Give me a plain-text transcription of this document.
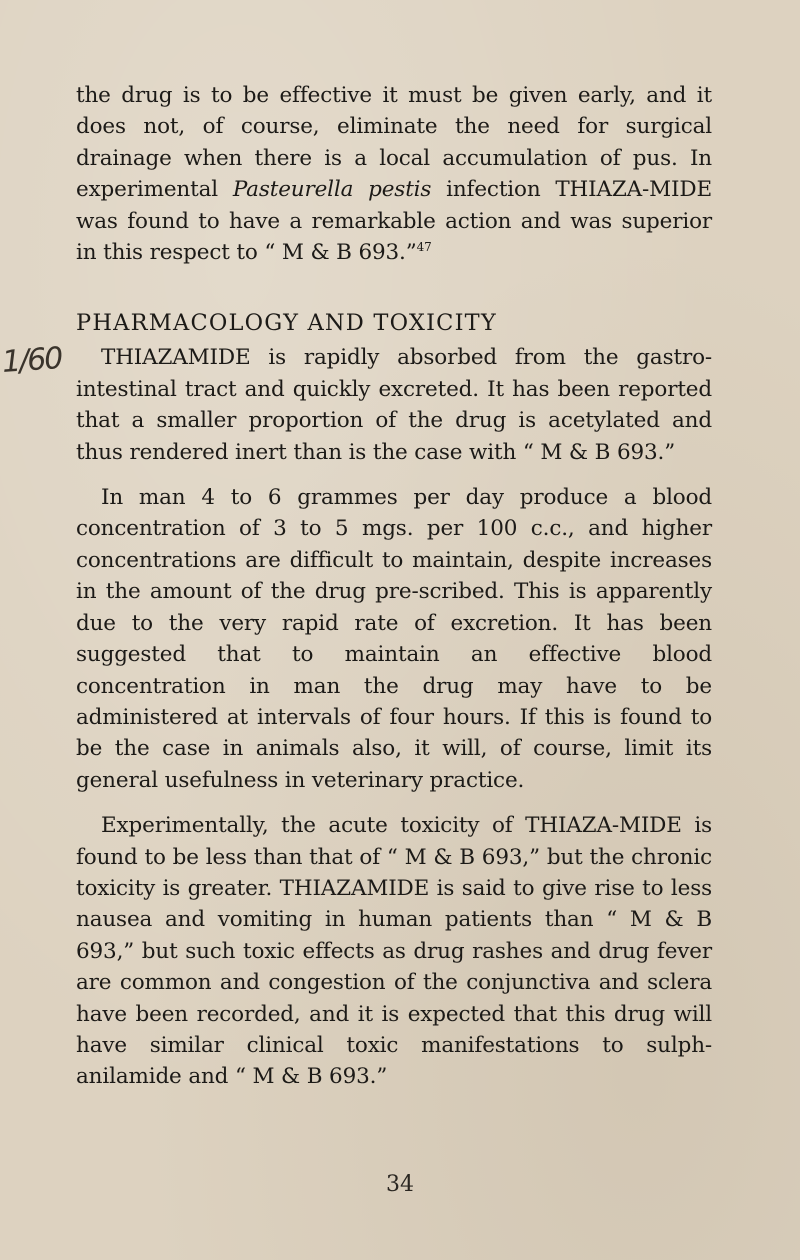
1/60

the drug is to be effective it must be given early, and it does not, of course, eliminate the need for surgical drainage when there is a local accumulation of pus. In experimental Pasteurella pestis infection THIAZA-MIDE was found to have a remarkable action and was superior in this respect to “ M & B 693.”$^{47}$

PHARMACOLOGY AND TOXICITY

THIAZAMIDE is rapidly absorbed from the gastro-intestinal tract and quickly excreted. It has been reported that a smaller proportion of the drug is acetylated and thus rendered inert than is the case with “ M & B 693.”

In man 4 to 6 grammes per day produce a blood concentration of 3 to 5 mgs. per 100 c.c., and higher concentrations are difficult to maintain, despite increases in the amount of the drug pre-scribed. This is apparently due to the very rapid rate of excretion. It has been suggested that to maintain an effective blood concentration in man the drug may have to be administered at intervals of four hours. If this is found to be the case in animals also, it will, of course, limit its general usefulness in veterinary practice.

Experimentally, the acute toxicity of THIAZA-MIDE is found to be less than that of “ M & B 693,” but the chronic toxicity is greater. THIAZAMIDE is said to give rise to less nausea and vomiting in human patients than “ M & B 693,” but such toxic effects as drug rashes and drug fever are common and congestion of the conjunctiva and sclera have been recorded, and it is expected that this drug will have similar clinical toxic manifestations to sulph-anilamide and “ M & B 693.”

34
